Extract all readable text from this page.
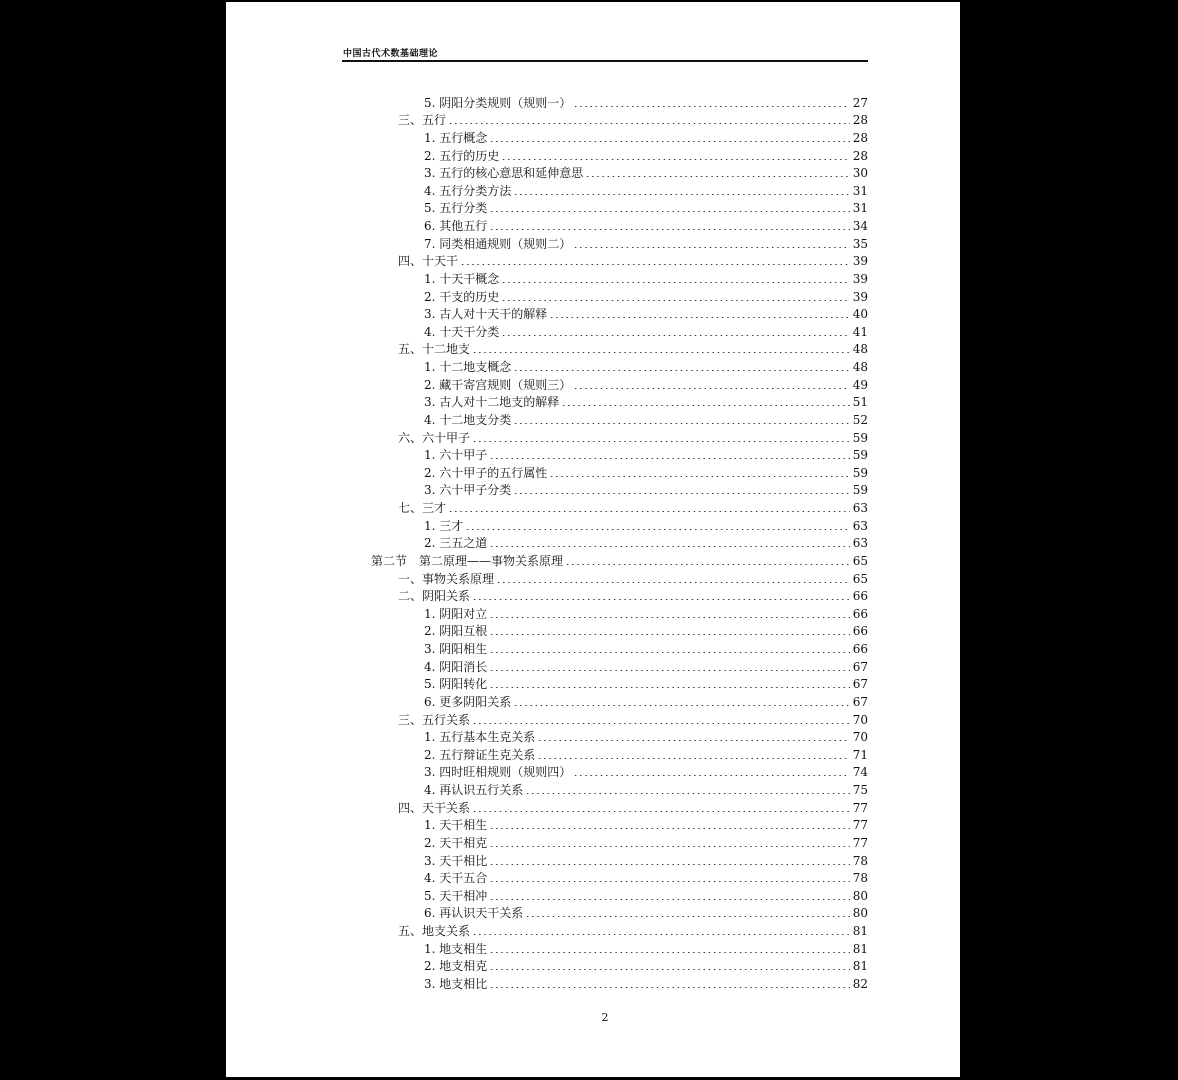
中国古代术数基础理论
5. 阴阳分类规则（规则一）	27
三、五行	28
1. 五行概念	28
2. 五行的历史	28
3. 五行的核心意思和延伸意思	30
4. 五行分类方法	31
5. 五行分类	31
6. 其他五行	34
7. 同类相通规则（规则二）	35
四、十天干	39
1. 十天干概念	39
2. 干支的历史	39
3. 古人对十天干的解释	40
4. 十天干分类	41
五、十二地支	48
1. 十二地支概念	48
2. 藏干寄宫规则（规则三）	49
3. 古人对十二地支的解释	51
4. 十二地支分类	52
六、六十甲子	59
1. 六十甲子	59
2. 六十甲子的五行属性	59
3. 六十甲子分类	59
七、三才	63
1. 三才	63
2. 三五之道	63
第二节　第二原理——事物关系原理	65
一、事物关系原理	65
二、阴阳关系	66
1. 阴阳对立	66
2. 阴阳互根	66
3. 阴阳相生	66
4. 阴阳消长	67
5. 阴阳转化	67
6. 更多阴阳关系	67
三、五行关系	70
1. 五行基本生克关系	70
2. 五行辩证生克关系	71
3. 四时旺相规则（规则四）	74
4. 再认识五行关系	75
四、天干关系	77
1. 天干相生	77
2. 天干相克	77
3. 天干相比	78
4. 天干五合	78
5. 天干相冲	80
6. 再认识天干关系	80
五、地支关系	81
1. 地支相生	81
2. 地支相克	81
3. 地支相比	82
2
